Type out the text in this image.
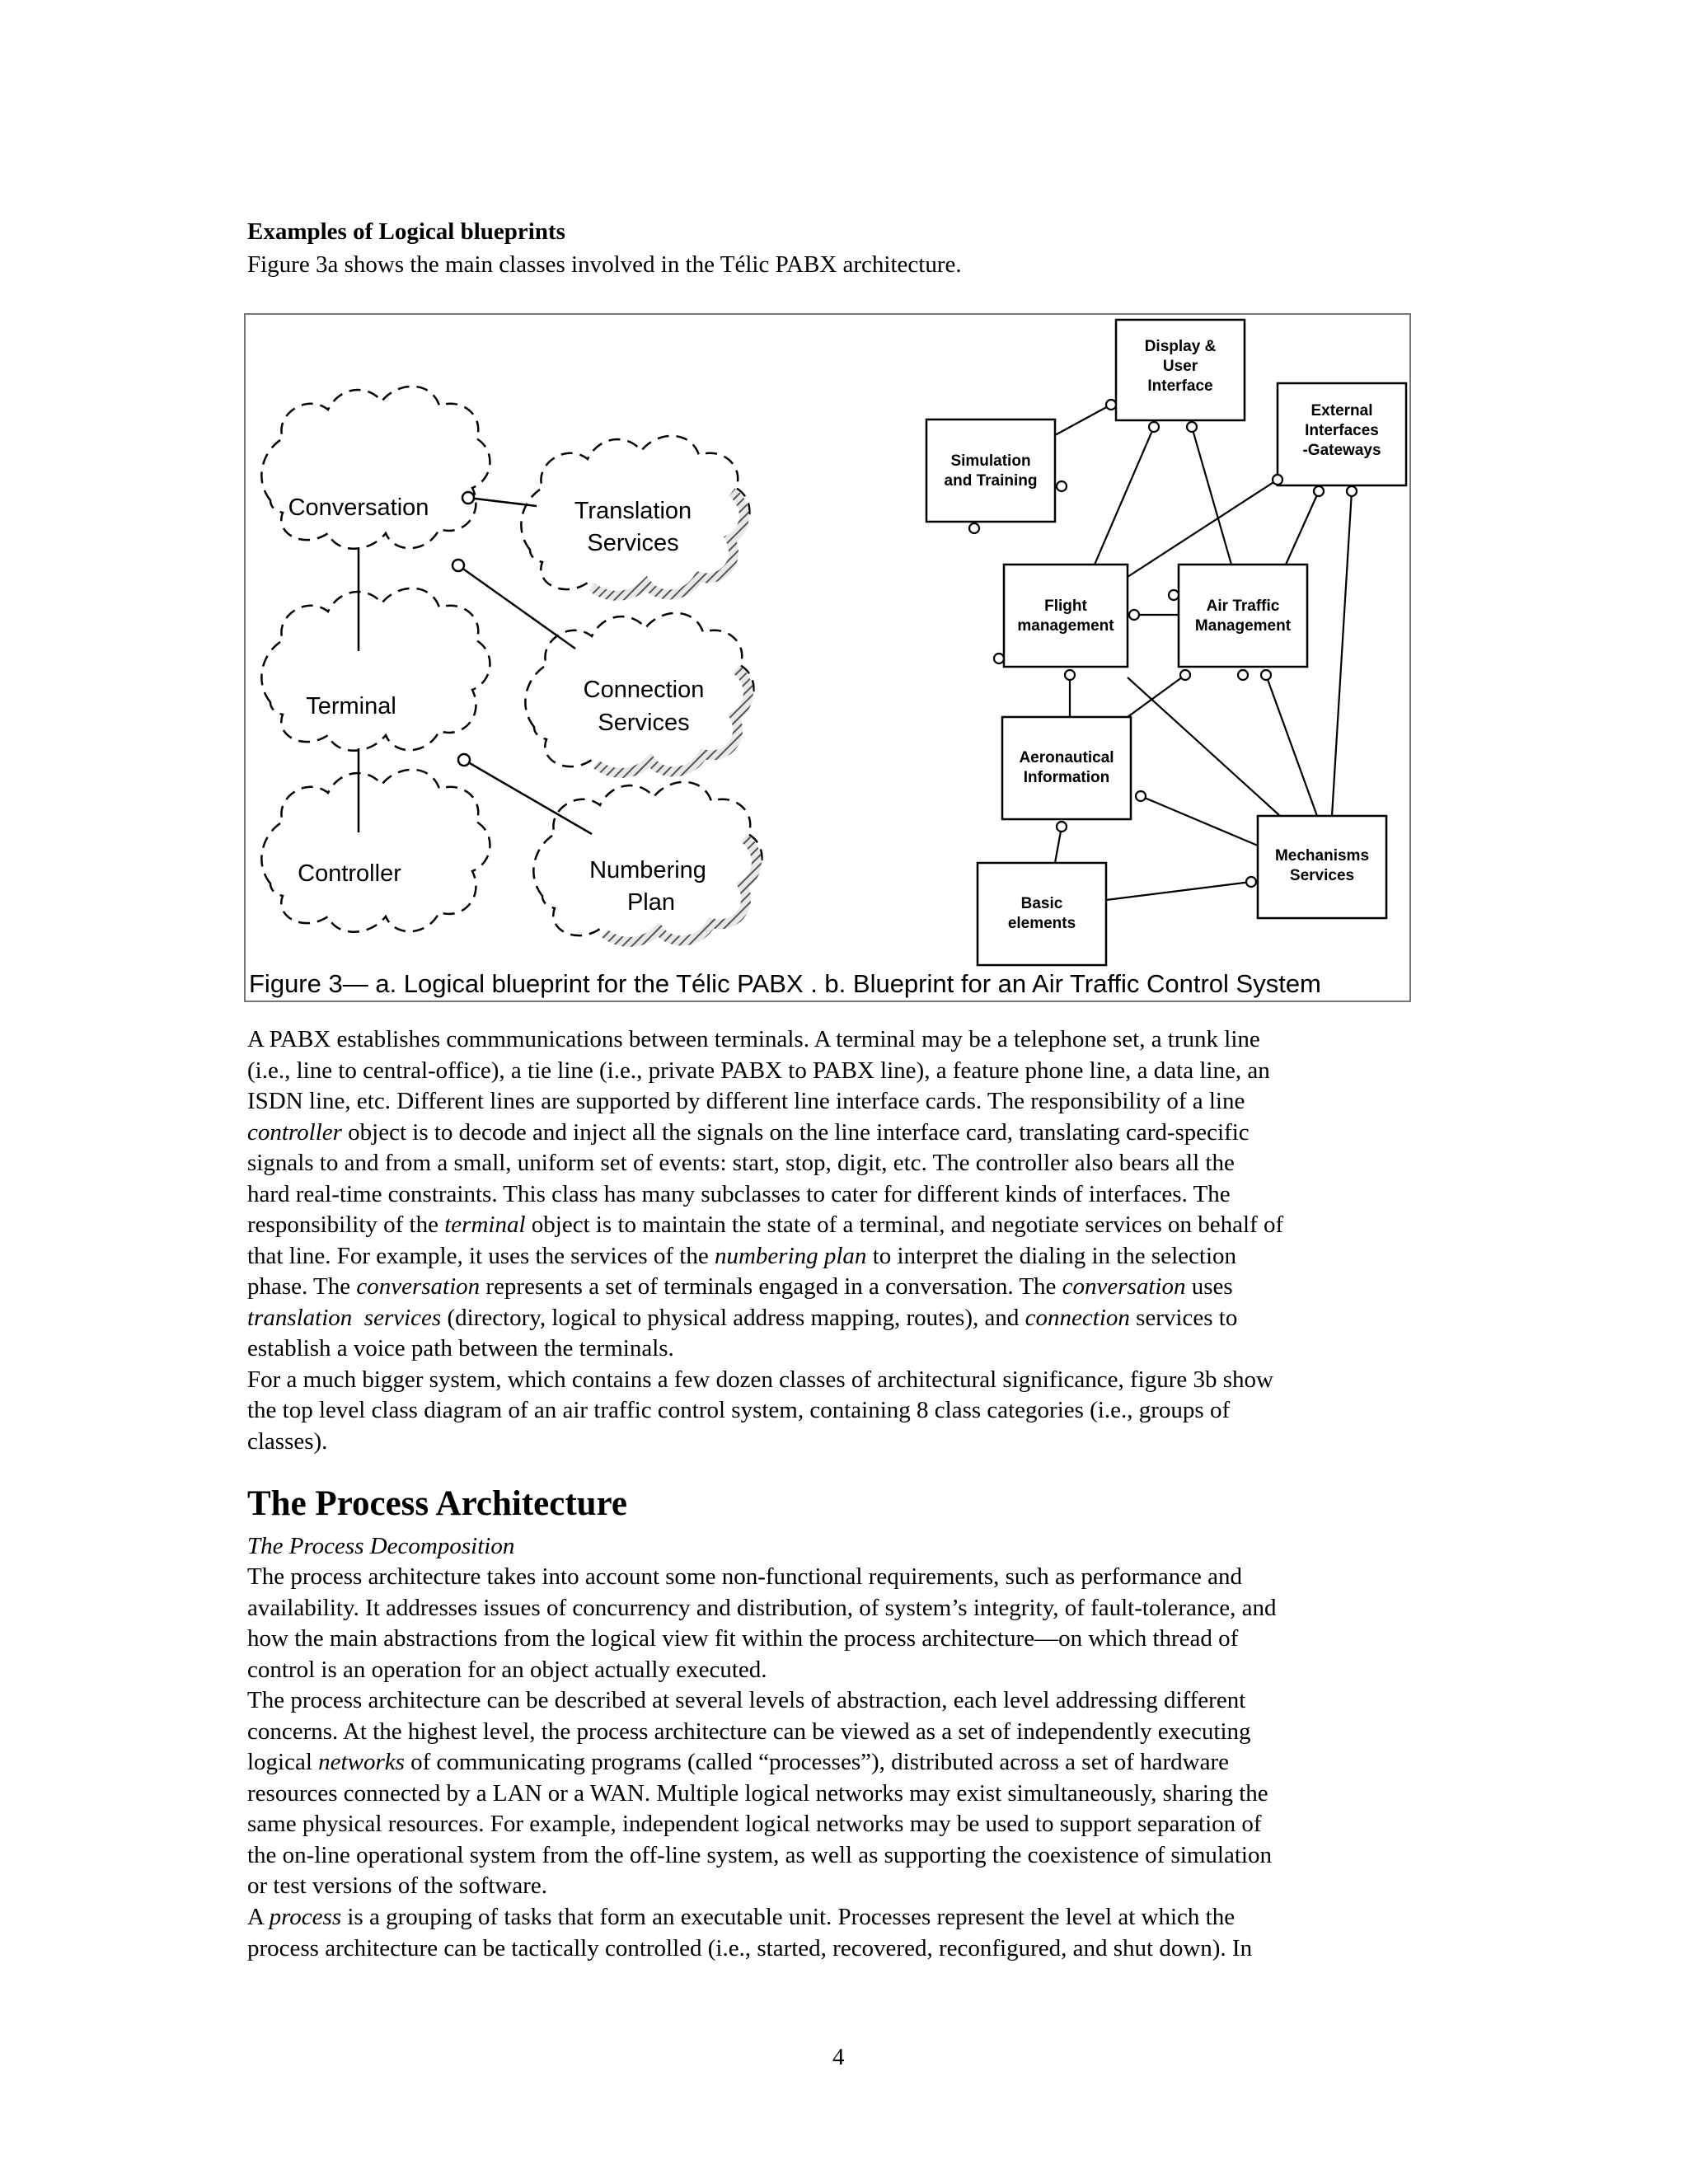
Examples of Logical blueprints
Figure 3a shows the main classes involved in the Télic PABX architecture.
Conversation	Translation
Services
Terminal
Connection
Services
Controller	Numbering
Plan
Display &
User
Interface
External
Interfaces
-Gateways
Simulation
and Training
Flight
management
Air Traffic
Management
Aeronautical
Information
Mechanisms
Services
Basic
elements
Figure 3— a. Logical blueprint for the Télic PABX . b. Blueprint for an Air Traffic Control System
A PABX establishes commmunications between terminals. A terminal may be a telephone set, a trunk line
(i.e., line to central-office), a tie line (i.e., private PABX to PABX line), a feature phone line, a data line, an
ISDN line, etc. Different lines are supported by different line interface cards. The responsibility of a line
controller object is to decode and inject all the signals on the line interface card, translating card-specific
signals to and from a small, uniform set of events: start, stop, digit, etc. The controller also bears all the
hard real-time constraints. This class has many subclasses to cater for different kinds of interfaces. The
responsibility of the terminal object is to maintain the state of a terminal, and negotiate services on behalf of
that line. For example, it uses the services of the numbering plan to interpret the dialing in the selection
phase. The conversation represents a set of terminals engaged in a conversation. The conversation uses
translation  services (directory, logical to physical address mapping, routes), and connection services to
establish a voice path between the terminals.
For a much bigger system, which contains a few dozen classes of architectural significance, figure 3b show
the top level class diagram of an air traffic control system, containing 8 class categories (i.e., groups of
classes).
The Process Architecture
The Process Decomposition
The process architecture takes into account some non-functional requirements, such as performance and
availability. It addresses issues of concurrency and distribution, of system’s integrity, of fault-tolerance, and
how the main abstractions from the logical view fit within the process architecture—on which thread of
control is an operation for an object actually executed.
The process architecture can be described at several levels of abstraction, each level addressing different
concerns. At the highest level, the process architecture can be viewed as a set of independently executing
logical networks of communicating programs (called “processes”), distributed across a set of hardware
resources connected by a LAN or a WAN. Multiple logical networks may exist simultaneously, sharing the
same physical resources. For example, independent logical networks may be used to support separation of
the on-line operational system from the off-line system, as well as supporting the coexistence of simulation
or test versions of the software.
A process is a grouping of tasks that form an executable unit. Processes represent the level at which the
process architecture can be tactically controlled (i.e., started, recovered, reconfigured, and shut down). In
4
